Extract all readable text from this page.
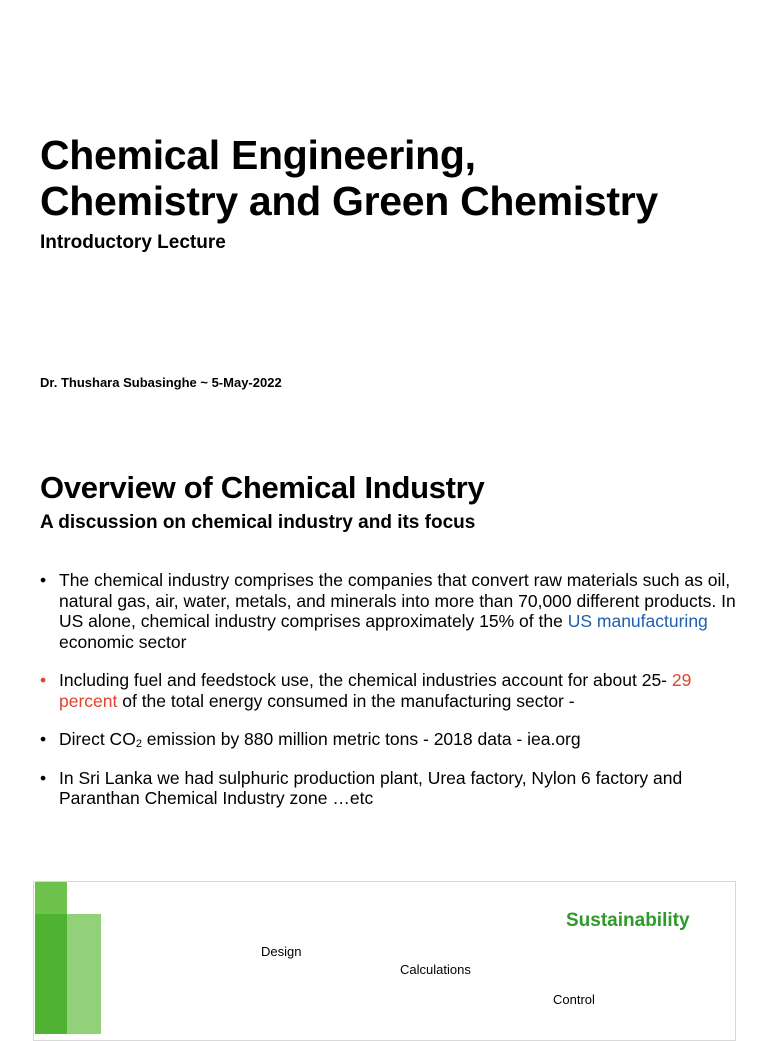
Chemical Engineering,
Chemistry and Green Chemistry
Introductory Lecture
Dr. Thushara Subasinghe ~ 5-May-2022
Overview of Chemical Industry
A discussion on chemical industry and its focus
• The chemical industry comprises the companies that convert raw materials such as oil, natural gas, air, water, metals, and minerals into more than 70,000 different products. In US alone, chemical industry comprises approximately 15% of the US manufacturing economic sector
• Including fuel and feedstock use, the chemical industries account for about 25- 29 percent of the total energy consumed in the manufacturing sector -
• Direct $CO_2$ emission by 880 million metric tons - 2018 data - iea.org
• In Sri Lanka we had sulphuric production plant, Urea factory, Nylon 6 factory and Paranthan Chemical Industry zone …etc
Sustainability
Design
Calculations
Control
